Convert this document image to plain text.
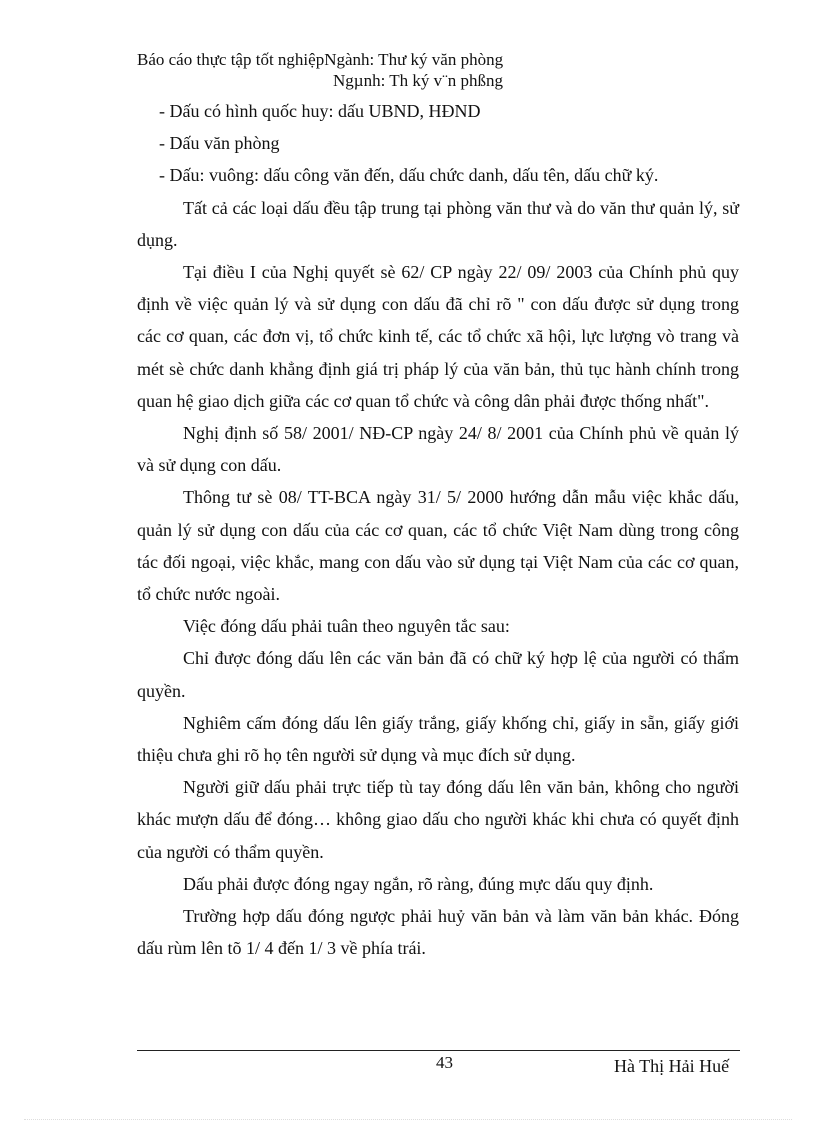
Báo cáo thực tập tốt nghiệpNgành: Thư ký văn phòng
Ngµnh: Th ký v¨n phßng

- Dấu có hình quốc huy: dấu UBND, HĐND

- Dấu văn phòng

- Dấu: vuông: dấu công văn đến, dấu chức danh, dấu tên, dấu chữ ký.

Tất cả các loại dấu đều tập trung tại phòng văn thư và do văn thư quản lý, sử dụng.

Tại điều I của Nghị quyết sè 62/ CP ngày 22/ 09/ 2003 của Chính phủ quy định về việc quản lý và sử dụng con dấu đã chỉ rõ " con dấu được sử dụng trong các cơ quan, các đơn vị, tổ chức kinh tế, các tổ chức xã hội, lực lượng vò trang và mét sè chức danh khẳng định giá trị pháp lý của văn bản, thủ tục hành chính trong quan hệ giao dịch giữa các cơ quan tổ chức và công dân phải được thống nhất".

Nghị định số 58/ 2001/ NĐ-CP ngày 24/ 8/ 2001 của Chính phủ về quản lý và sử dụng con dấu.

Thông tư sè 08/ TT-BCA ngày 31/ 5/ 2000 hướng dẫn mẫu việc khắc dấu, quản lý sử dụng con dấu của các cơ quan, các tổ chức Việt Nam dùng trong công tác đối ngoại, việc khắc, mang con dấu vào sử dụng tại Việt Nam của các cơ quan, tổ chức nước ngoài.

Việc đóng dấu phải tuân theo nguyên tắc sau:

Chỉ được đóng dấu lên các văn bản đã có chữ ký hợp lệ của người có thẩm quyền.

Nghiêm cấm đóng dấu lên giấy trắng, giấy khống chỉ, giấy in sẵn, giấy giới thiệu chưa ghi rõ họ tên người sử dụng và mục đích sử dụng.

Người giữ dấu phải trực tiếp tù tay đóng dấu lên văn bản, không cho người khác mượn dấu để đóng… không giao dấu cho người khác khi chưa có quyết định của người có thẩm quyền.

Dấu phải được đóng ngay ngắn, rõ ràng, đúng mực dấu quy định.

Trường hợp dấu đóng ngược phải huỷ văn bản và làm văn bản khác. Đóng dấu rùm lên tõ 1/ 4 đến 1/ 3 về phía trái.

43	Hà Thị Hải Huế
